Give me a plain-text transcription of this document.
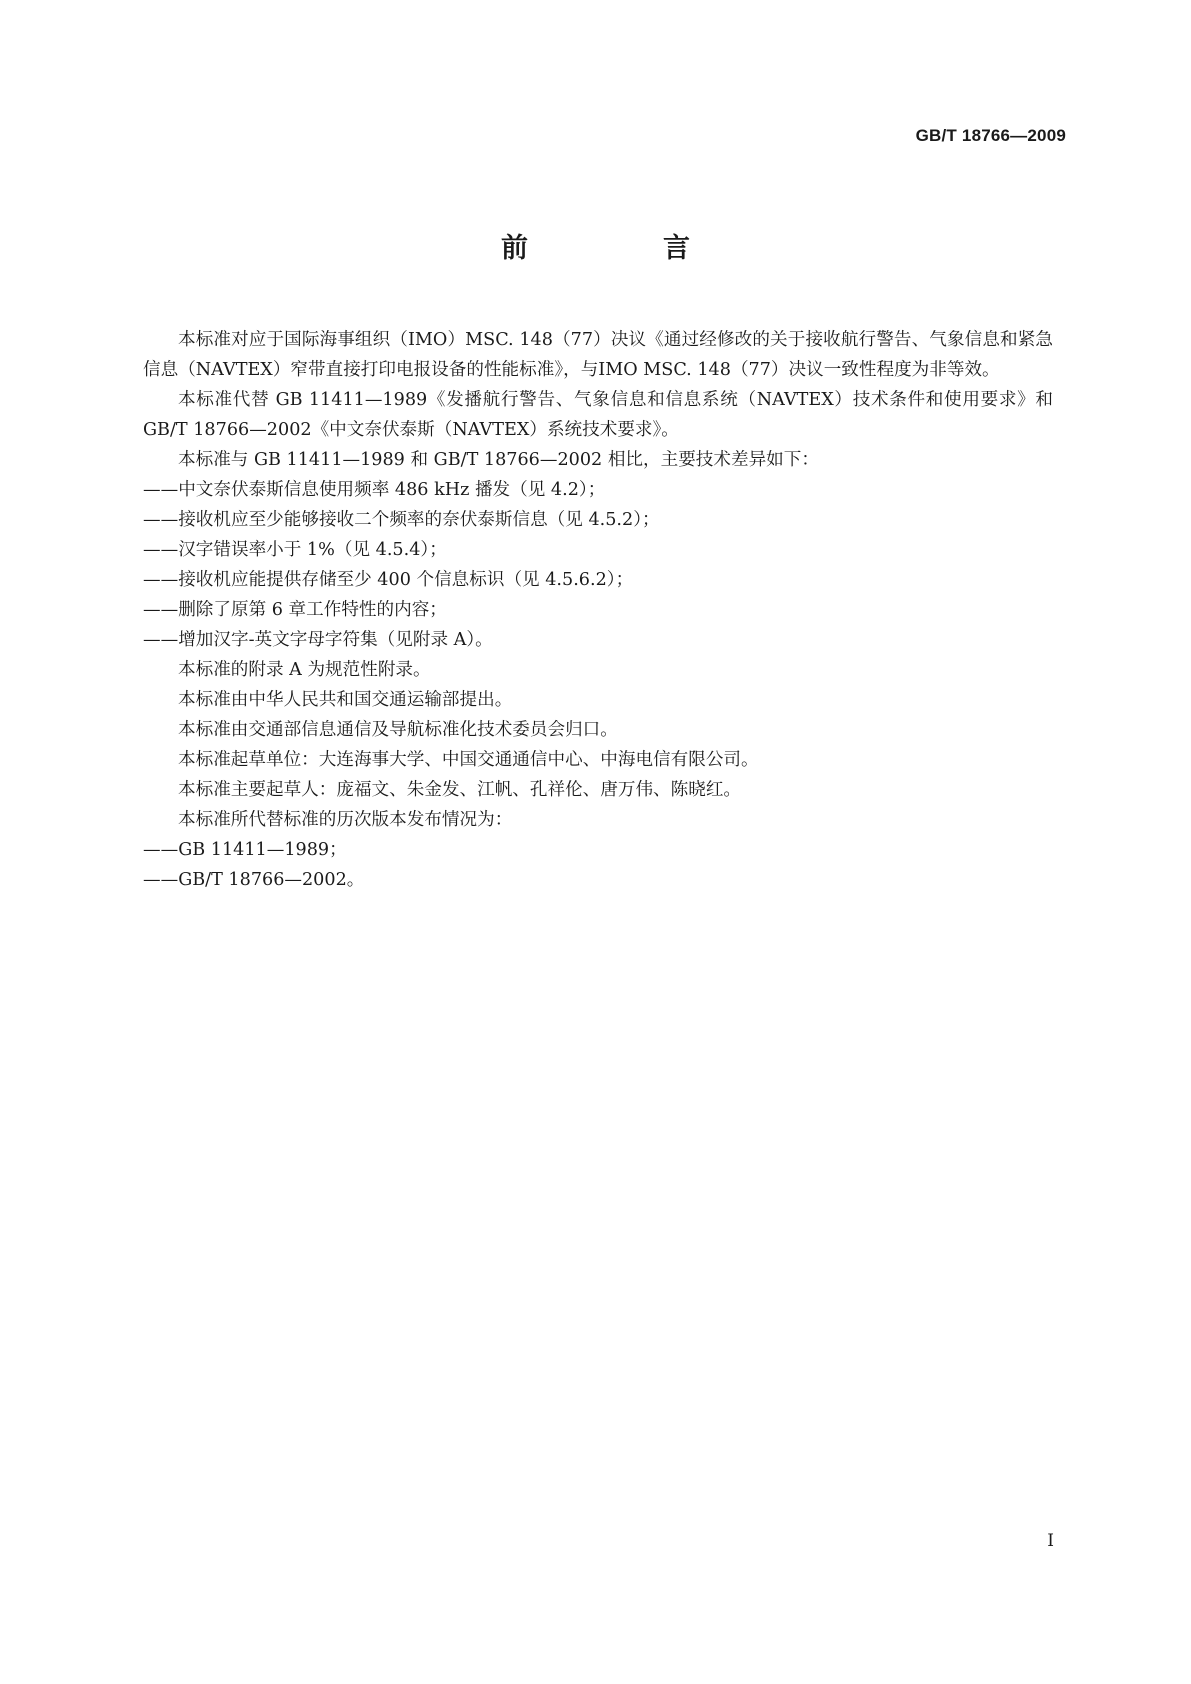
GB/T 18766—2009
前　言

本标准对应于国际海事组织（IMO）MSC. 148（77）决议《通过经修改的关于接收航行警告、气象信息和紧急信息（NAVTEX）窄带直接打印电报设备的性能标准》，与IMO MSC. 148（77）决议一致性程度为非等效。

本标准代替 GB 11411—1989《发播航行警告、气象信息和信息系统（NAVTEX）技术条件和使用要求》和 GB/T 18766—2002《中文奈伏泰斯（NAVTEX）系统技术要求》。

本标准与 GB 11411—1989 和 GB/T 18766—2002 相比，主要技术差异如下：

——中文奈伏泰斯信息使用频率 486 kHz 播发（见 4.2）；

——接收机应至少能够接收二个频率的奈伏泰斯信息（见 4.5.2）；

——汉字错误率小于 1%（见 4.5.4）；

——接收机应能提供存储至少 400 个信息标识（见 4.5.6.2）；

——删除了原第 6 章工作特性的内容；

——增加汉字-英文字母字符集（见附录 A）。

本标准的附录 A 为规范性附录。

本标准由中华人民共和国交通运输部提出。

本标准由交通部信息通信及导航标准化技术委员会归口。

本标准起草单位：大连海事大学、中国交通通信中心、中海电信有限公司。

本标准主要起草人：庞福文、朱金发、江帆、孔祥伦、唐万伟、陈晓红。

本标准所代替标准的历次版本发布情况为：

——GB 11411—1989；

——GB/T 18766—2002。

I
